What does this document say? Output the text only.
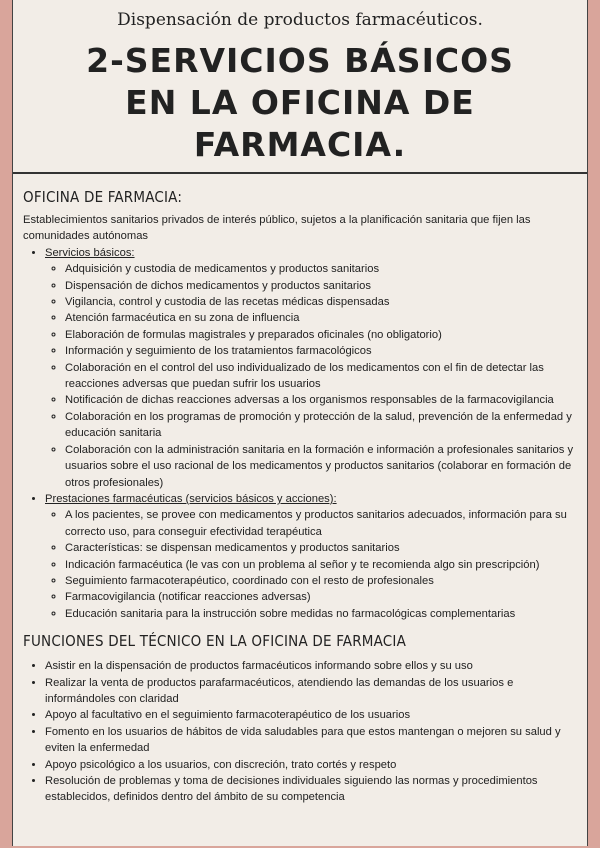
Dispensación de productos farmacéuticos.
2-SERVICIOS BÁSICOS
EN LA OFICINA DE
FARMACIA.
OFICINA DE FARMACIA:

Establecimientos sanitarios privados de interés público, sujetos a la planificación sanitaria que fijen las comunidades autónomas

• Servicios básicos:
◦ Adquisición y custodia de medicamentos y productos sanitarios
◦ Dispensación de dichos medicamentos y productos sanitarios
◦ Vigilancia, control y custodia de las recetas médicas dispensadas
◦ Atención farmacéutica en su zona de influencia
◦ Elaboración de formulas magistrales y preparados oficinales (no obligatorio)
◦ Información y seguimiento de los tratamientos farmacológicos
◦ Colaboración en el control del uso individualizado de los medicamentos con el fin de detectar las reacciones adversas que puedan sufrir los usuarios
◦ Notificación de dichas reacciones adversas a los organismos responsables de la farmacovigilancia
◦ Colaboración en los programas de promoción y protección de la salud, prevención de la enfermedad y educación sanitaria
◦ Colaboración con la administración sanitaria en la formación e información a profesionales sanitarios y usuarios sobre el uso racional de los medicamentos y productos sanitarios (colaborar en formación de otros profesionales)
• Prestaciones farmacéuticas (servicios básicos y acciones):
◦ A los pacientes, se provee con medicamentos y productos sanitarios adecuados, información para su correcto uso, para conseguir efectividad terapéutica
◦ Características: se dispensan medicamentos y productos sanitarios
◦ Indicación farmacéutica (le vas con un problema al señor y te recomienda algo sin prescripción)
◦ Seguimiento farmacoterapéutico, coordinado con el resto de profesionales
◦ Farmacovigilancia (notificar reacciones adversas)
◦ Educación sanitaria para la instrucción sobre medidas no farmacológicas complementarias
FUNCIONES DEL TÉCNICO EN LA OFICINA DE FARMACIA
• Asistir en la dispensación de productos farmacéuticos informando sobre ellos y su uso
• Realizar la venta de productos parafarmacéuticos, atendiendo las demandas de los usuarios e informándoles con claridad
• Apoyo al facultativo en el seguimiento farmacoterapéutico de los usuarios
• Fomento en los usuarios de hábitos de vida saludables para que estos mantengan o mejoren su salud y eviten la enfermedad
• Apoyo psicológico a los usuarios, con discreción, trato cortés y respeto
• Resolución de problemas y toma de decisiones individuales siguiendo las normas y procedimientos establecidos, definidos dentro del ámbito de su competencia
